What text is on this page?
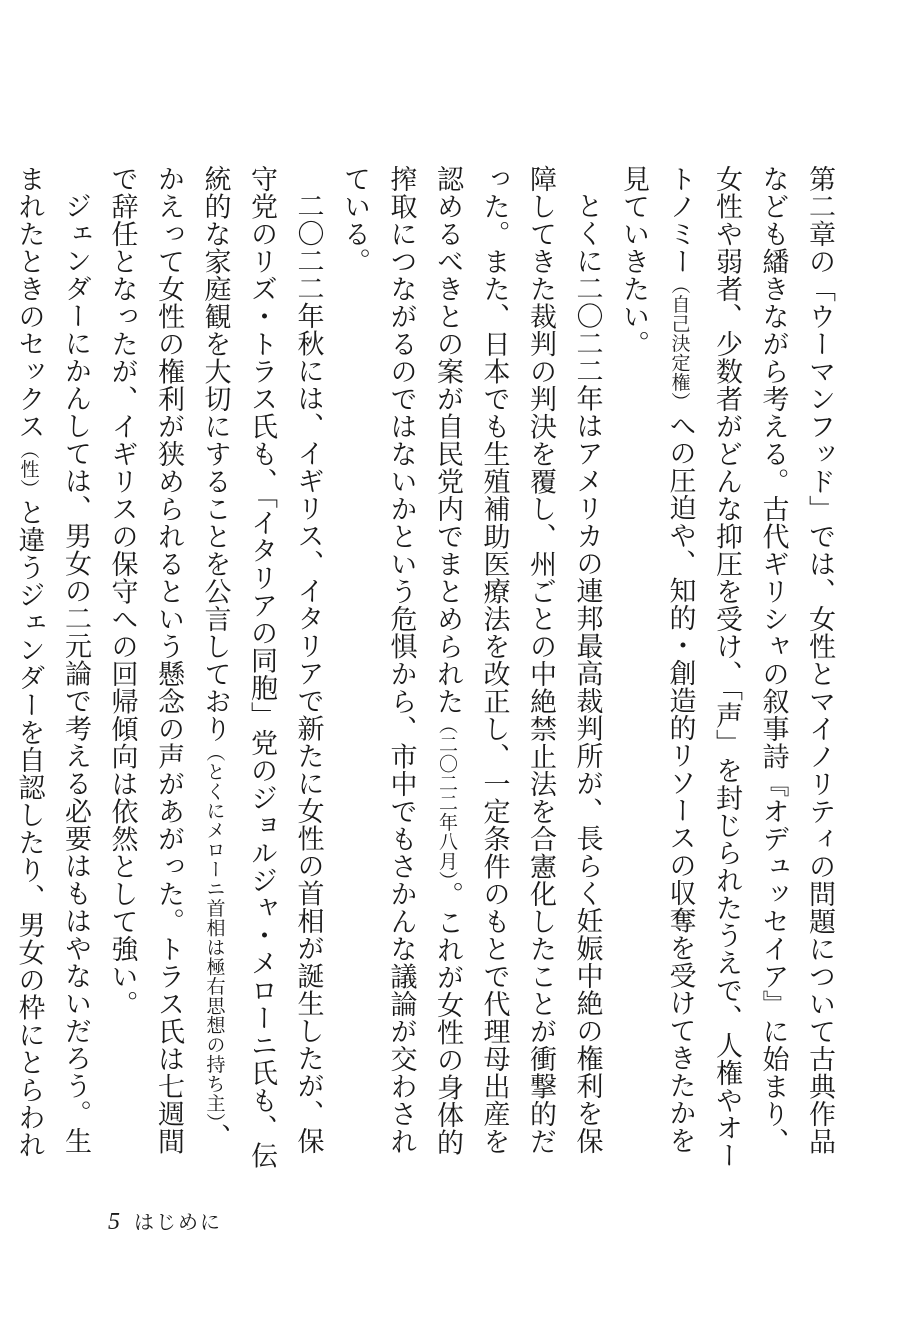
第二章の「ウーマンフッド」では、女性とマイノリティの問題について古典作品なども繙きながら考える。古代ギリシャの叙事詩『オデュッセイア』に始まり、女性や弱者、少数者がどんな抑圧を受け、「声」を封じられたうえで、人権やオートノミー（自己決定権）への圧迫や、知的・創造的リソースの収奪を受けてきたかを見ていきたい。

とくに二〇二二年はアメリカの連邦最高裁判所が、長らく妊娠中絶の権利を保障してきた裁判の判決を覆し、州ごとの中絶禁止法を合憲化したことが衝撃的だった。また、日本でも生殖補助医療法を改正し、一定条件のもとで代理母出産を認めるべきとの案が自民党内でまとめられた（二〇二二年八月）。これが女性の身体的搾取につながるのではないかという危惧から、市中でもさかんな議論が交わされている。

二〇二二年秋には、イギリス、イタリアで新たに女性の首相が誕生したが、保守党のリズ・トラス氏も、「イタリアの同胞」党のジョルジャ・メローニ氏も、伝統的な家庭観を大切にすることを公言しており（とくにメローニ首相は極右思想の持ち主）、かえって女性の権利が狭められるという懸念の声があがった。トラス氏は七週間で辞任となったが、イギリスの保守への回帰傾向は依然として強い。

ジェンダーにかんしては、男女の二元論で考える必要はもはやないだろう。生まれたときのセックス（性）と違うジェンダーを自認したり、男女の枠にとらわれ

5 はじめに
